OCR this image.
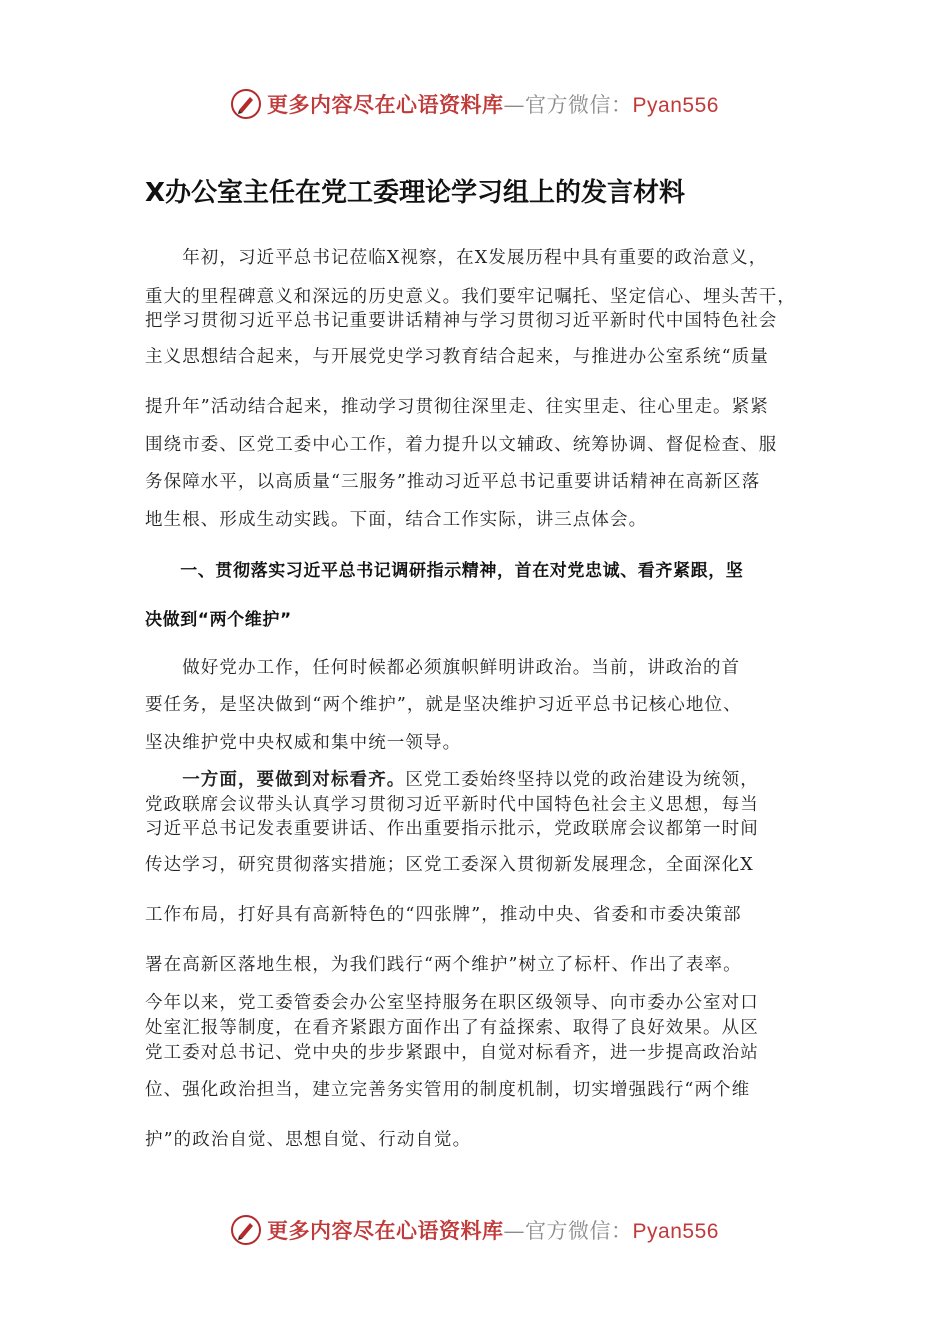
更多内容尽在心语资料库—官方微信：Pyan556
X办公室主任在党工委理论学习组上的发言材料
　　年初，习近平总书记莅临X视察，在X发展历程中具有重要的政治意义，
重大的里程碑意义和深远的历史意义。我们要牢记嘱托、坚定信心、埋头苦干，
把学习贯彻习近平总书记重要讲话精神与学习贯彻习近平新时代中国特色社会
主义思想结合起来，与开展党史学习教育结合起来，与推进办公室系统“质量
提升年”活动结合起来，推动学习贯彻往深里走、往实里走、往心里走。紧紧
围绕市委、区党工委中心工作，着力提升以文辅政、统筹协调、督促检查、服
务保障水平，以高质量“三服务”推动习近平总书记重要讲话精神在高新区落
地生根、形成生动实践。下面，结合工作实际，讲三点体会。
　　一、贯彻落实习近平总书记调研指示精神，首在对党忠诚、看齐紧跟，坚
决做到“两个维护”
　　做好党办工作，任何时候都必须旗帜鲜明讲政治。当前，讲政治的首
要任务，是坚决做到“两个维护”，就是坚决维护习近平总书记核心地位、
坚决维护党中央权威和集中统一领导。
　　一方面，要做到对标看齐。区党工委始终坚持以党的政治建设为统领，
党政联席会议带头认真学习贯彻习近平新时代中国特色社会主义思想，每当
习近平总书记发表重要讲话、作出重要指示批示，党政联席会议都第一时间
传达学习，研究贯彻落实措施；区党工委深入贯彻新发展理念，全面深化X
工作布局，打好具有高新特色的“四张牌”，推动中央、省委和市委决策部
署在高新区落地生根，为我们践行“两个维护”树立了标杆、作出了表率。
今年以来，党工委管委会办公室坚持服务在职区级领导、向市委办公室对口
处室汇报等制度，在看齐紧跟方面作出了有益探索、取得了良好效果。从区
党工委对总书记、党中央的步步紧跟中，自觉对标看齐，进一步提高政治站
位、强化政治担当，建立完善务实管用的制度机制，切实增强践行“两个维
护”的政治自觉、思想自觉、行动自觉。
更多内容尽在心语资料库—官方微信：Pyan556
